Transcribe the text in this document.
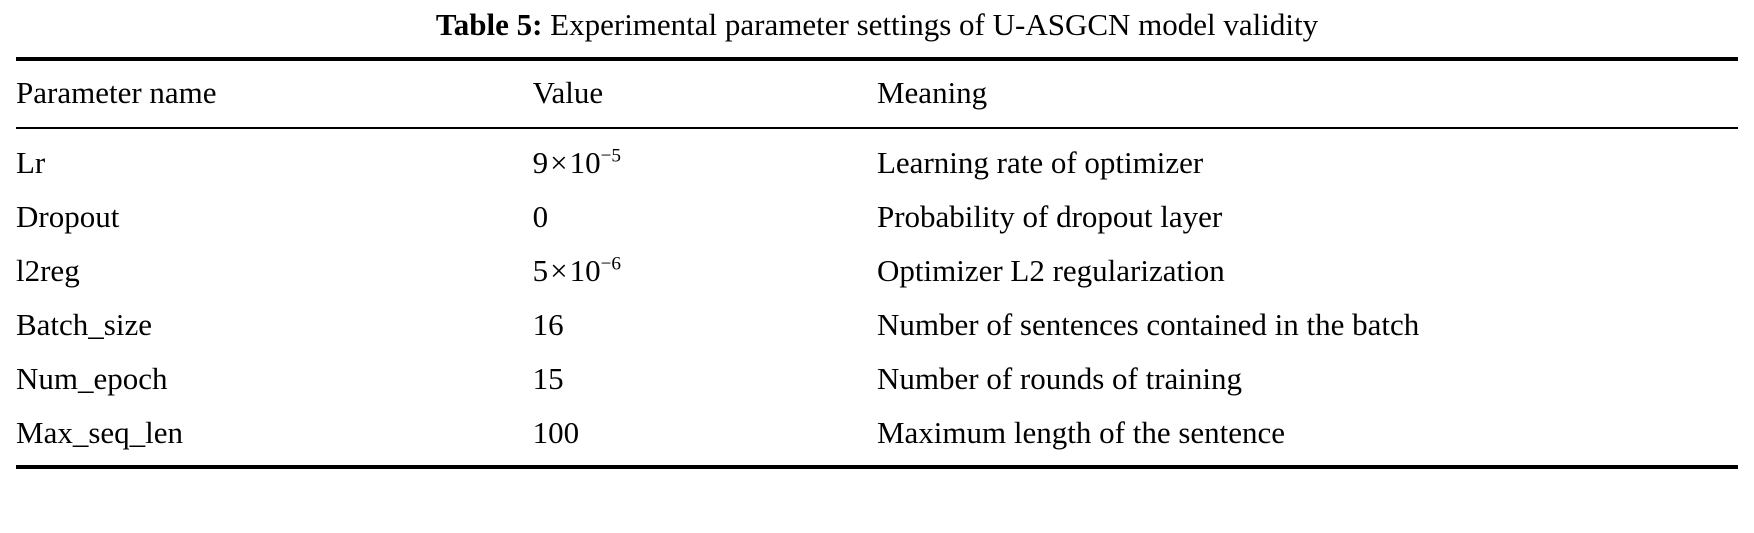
Table 5: Experimental parameter settings of U-ASGCN model validity
Parameter name	Value	Meaning
Lr	$9\times 10^{-5}$	Learning rate of optimizer
Dropout	0	Probability of dropout layer
l2reg	$5\times 10^{-6}$	Optimizer L2 regularization
Batch_size	16	Number of sentences contained in the batch
Num_epoch	15	Number of rounds of training
Max_seq_len	100	Maximum length of the sentence
